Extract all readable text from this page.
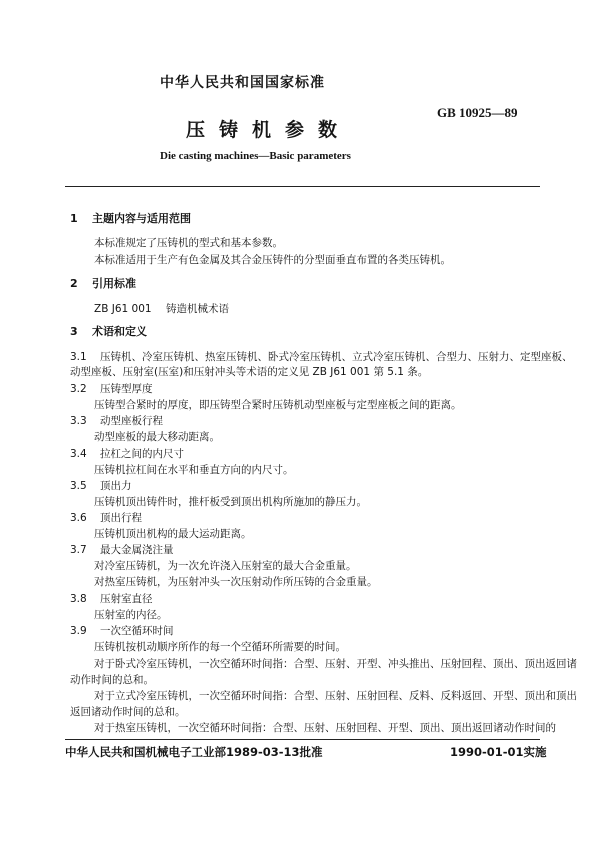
中华人民共和国国家标准
GB 10925—89
压铸机参数
Die casting machines—Basic parameters
1 主题内容与适用范围
本标准规定了压铸机的型式和基本参数。
本标准适用于生产有色金属及其合金压铸件的分型面垂直布置的各类压铸机。
2 引用标准
ZB J61 001 铸造机械术语
3 术语和定义
3.1 压铸机、冷室压铸机、热室压铸机、卧式冷室压铸机、立式冷室压铸机、合型力、压射力、定型座板、
动型座板、压射室(压室)和压射冲头等术语的定义见 ZB J61 001 第 5.1 条。
3.2 压铸型厚度
压铸型合紧时的厚度，即压铸型合紧时压铸机动型座板与定型座板之间的距离。
3.3 动型座板行程
动型座板的最大移动距离。
3.4 拉杠之间的内尺寸
压铸机拉杠间在水平和垂直方向的内尺寸。
3.5 顶出力
压铸机顶出铸件时，推杆板受到顶出机构所施加的静压力。
3.6 顶出行程
压铸机顶出机构的最大运动距离。
3.7 最大金属浇注量
对冷室压铸机，为一次允许浇入压射室的最大合金重量。
对热室压铸机，为压射冲头一次压射动作所压铸的合金重量。
3.8 压射室直径
压射室的内径。
3.9 一次空循环时间
压铸机按机动顺序所作的每一个空循环所需要的时间。
对于卧式冷室压铸机，一次空循环时间指：合型、压射、开型、冲头推出、压射回程、顶出、顶出返回诸
动作时间的总和。
对于立式冷室压铸机，一次空循环时间指：合型、压射、压射回程、反料、反料返回、开型、顶出和顶出
返回诸动作时间的总和。
对于热室压铸机，一次空循环时间指：合型、压射、压射回程、开型、顶出、顶出返回诸动作时间的
中华人民共和国机械电子工业部1989-03-13批准	1990-01-01实施
